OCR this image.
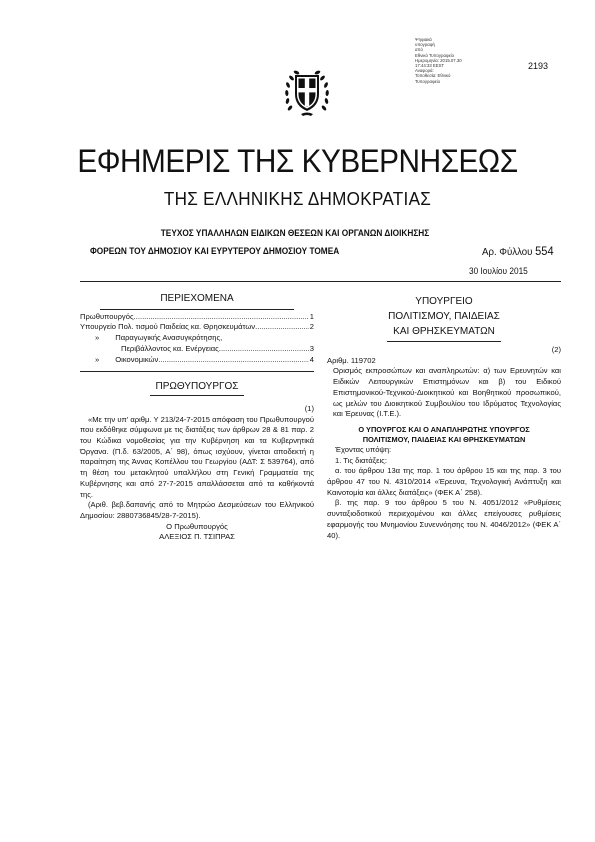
Ψηφιακά
υπογραφή
από
Εθνικό Τυπογραφείο
Ημερομηνία: 2015.07.30
17:44:33 EEST
Αναφορά:
Τοποθεσία: Εθνικό
Τυπογραφείο
2193
ΕΦΗΜΕΡΙΣ ΤΗΣ ΚΥΒΕΡΝΗΣΕΩΣ
ΤΗΣ ΕΛΛΗΝΙΚΗΣ ΔΗΜΟΚΡΑΤΙΑΣ
ΤΕΥΧΟΣ ΥΠΑΛΛΗΛΩΝ ΕΙΔΙΚΩΝ ΘΕΣΕΩΝ ΚΑΙ ΟΡΓΑΝΩΝ ΔΙΟΙΚΗΣΗΣ
ΦΟΡΕΩΝ ΤΟΥ ΔΗΜΟΣΙΟΥ ΚΑΙ ΕΥΡΥΤΕΡΟΥ ΔΗΜΟΣΙΟΥ ΤΟΜΕΑ	Αρ. Φύλλου 554
30 Ιουλίου 2015
ΠΕΡΙΕΧΟΜΕΝΑ
Πρωθυπουργός .....	1
Υπουργείο Πολ. τισμού Παιδείας κα. Θρησκευμάτων .....	2
»	Παραγωγικής Ανασυγκρότησης,
Περιβάλλοντος κα. Ενέργειας .....	3
»	Οικονομικών .....	4
ΠΡΩΘΥΠΟΥΡΓΟΣ
(1)

«Με την υπ' αριθμ. Υ 213/24-7-2015 απόφαση του Πρωθυπουργού που εκδόθηκε σύμφωνα με τις διατάξεις των άρθρων 28 & 81 παρ. 2 του Κώδικα νομοθεσίας για την Κυβέρνηση και τα Κυβερνητικά Όργανα. (Π.δ. 63/2005, Α΄ 98), όπως ισχύουν, γίνεται αποδεκτή η παραίτηση της Άννας Κοπέλλου του Γεωργίου (ΑΔΤ: Σ 539764), από τη θέση του μετακλητού υπαλλήλου στη Γενική Γραμματεία της Κυβέρνησης και από 27-7-2015 απαλλάσσεται από τα καθήκοντά της.

(Αριθ. βεβ.δαπανής από το Μητρώο Δεσμεύσεων του Ελληνικού Δημοσίου: 2880736845/28-7-2015).

Ο Πρωθυπουργός
ΑΛΕΞΙΟΣ Π. ΤΣΙΠΡΑΣ
ΥΠΟΥΡΓΕΙΟ
ΠΟΛΙΤΙΣΜΟΥ, ΠΑΙΔΕΙΑΣ
ΚΑΙ ΘΡΗΣΚΕΥΜΑΤΩΝ
(2)
Αριθμ. 119702

Ορισμός εκπροσώπων και αναπληρωτών: α) των Ερευνητών και Ειδικών Λειτουργικών Επιστημόνων και β) του Ειδικού Επιστημονικού-Τεχνικού-Διοικητικού και Βοηθητικού προσωπικού, ως μελών του Διοικητικού Συμβουλίου του Ιδρύματος Τεχνολογίας και Έρευνας (Ι.Τ.Ε.).

Ο ΥΠΟΥΡΓΟΣ ΚΑΙ Ο ΑΝΑΠΛΗΡΩΤΗΣ ΥΠΟΥΡΓΟΣ
ΠΟΛΙΤΙΣΜΟΥ, ΠΑΙΔΕΙΑΣ ΚΑΙ ΘΡΗΣΚΕΥΜΑΤΩΝ

Έχοντας υπόψη:

1. Τις διατάξεις:

α. του άρθρου 13α της παρ. 1 του άρθρου 15 και της παρ. 3 του άρθρου 47 του Ν. 4310/2014 «Έρευνα, Τεχνολογική Ανάπτυξη και Καινοτομία και άλλες διατάξεις» (ΦΕΚ Α΄ 258).

β. της παρ. 9 του άρθρου 5 του Ν. 4051/2012 «Ρυθμίσεις συνταξιοδοτικού περιεχομένου και άλλες επείγουσες ρυθμίσεις εφαρμογής του Μνημονίου Συνεννόησης του Ν. 4046/2012» (ΦΕΚ Α΄ 40).
